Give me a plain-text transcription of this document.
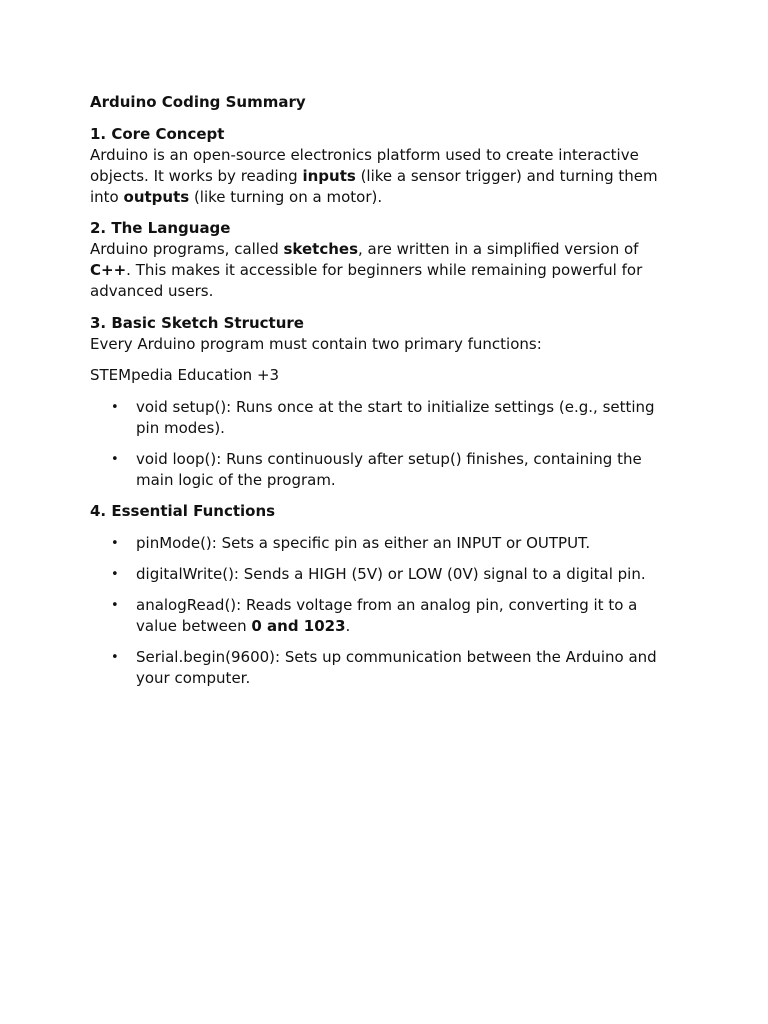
Arduino Coding Summary

1. Core Concept

Arduino is an open-source electronics platform used to create interactive objects. It works by reading inputs (like a sensor trigger) and turning them into outputs (like turning on a motor).

2. The Language

Arduino programs, called sketches, are written in a simplified version of C++. This makes it accessible for beginners while remaining powerful for advanced users.

3. Basic Sketch Structure

Every Arduino program must contain two primary functions:

STEMpedia Education +3

• void setup(): Runs once at the start to initialize settings (e.g., setting pin modes).
• void loop(): Runs continuously after setup() finishes, containing the main logic of the program.

4. Essential Functions

• pinMode(): Sets a specific pin as either an INPUT or OUTPUT.
• digitalWrite(): Sends a HIGH (5V) or LOW (0V) signal to a digital pin.
• analogRead(): Reads voltage from an analog pin, converting it to a value between 0 and 1023.
• Serial.begin(9600): Sets up communication between the Arduino and your computer.
